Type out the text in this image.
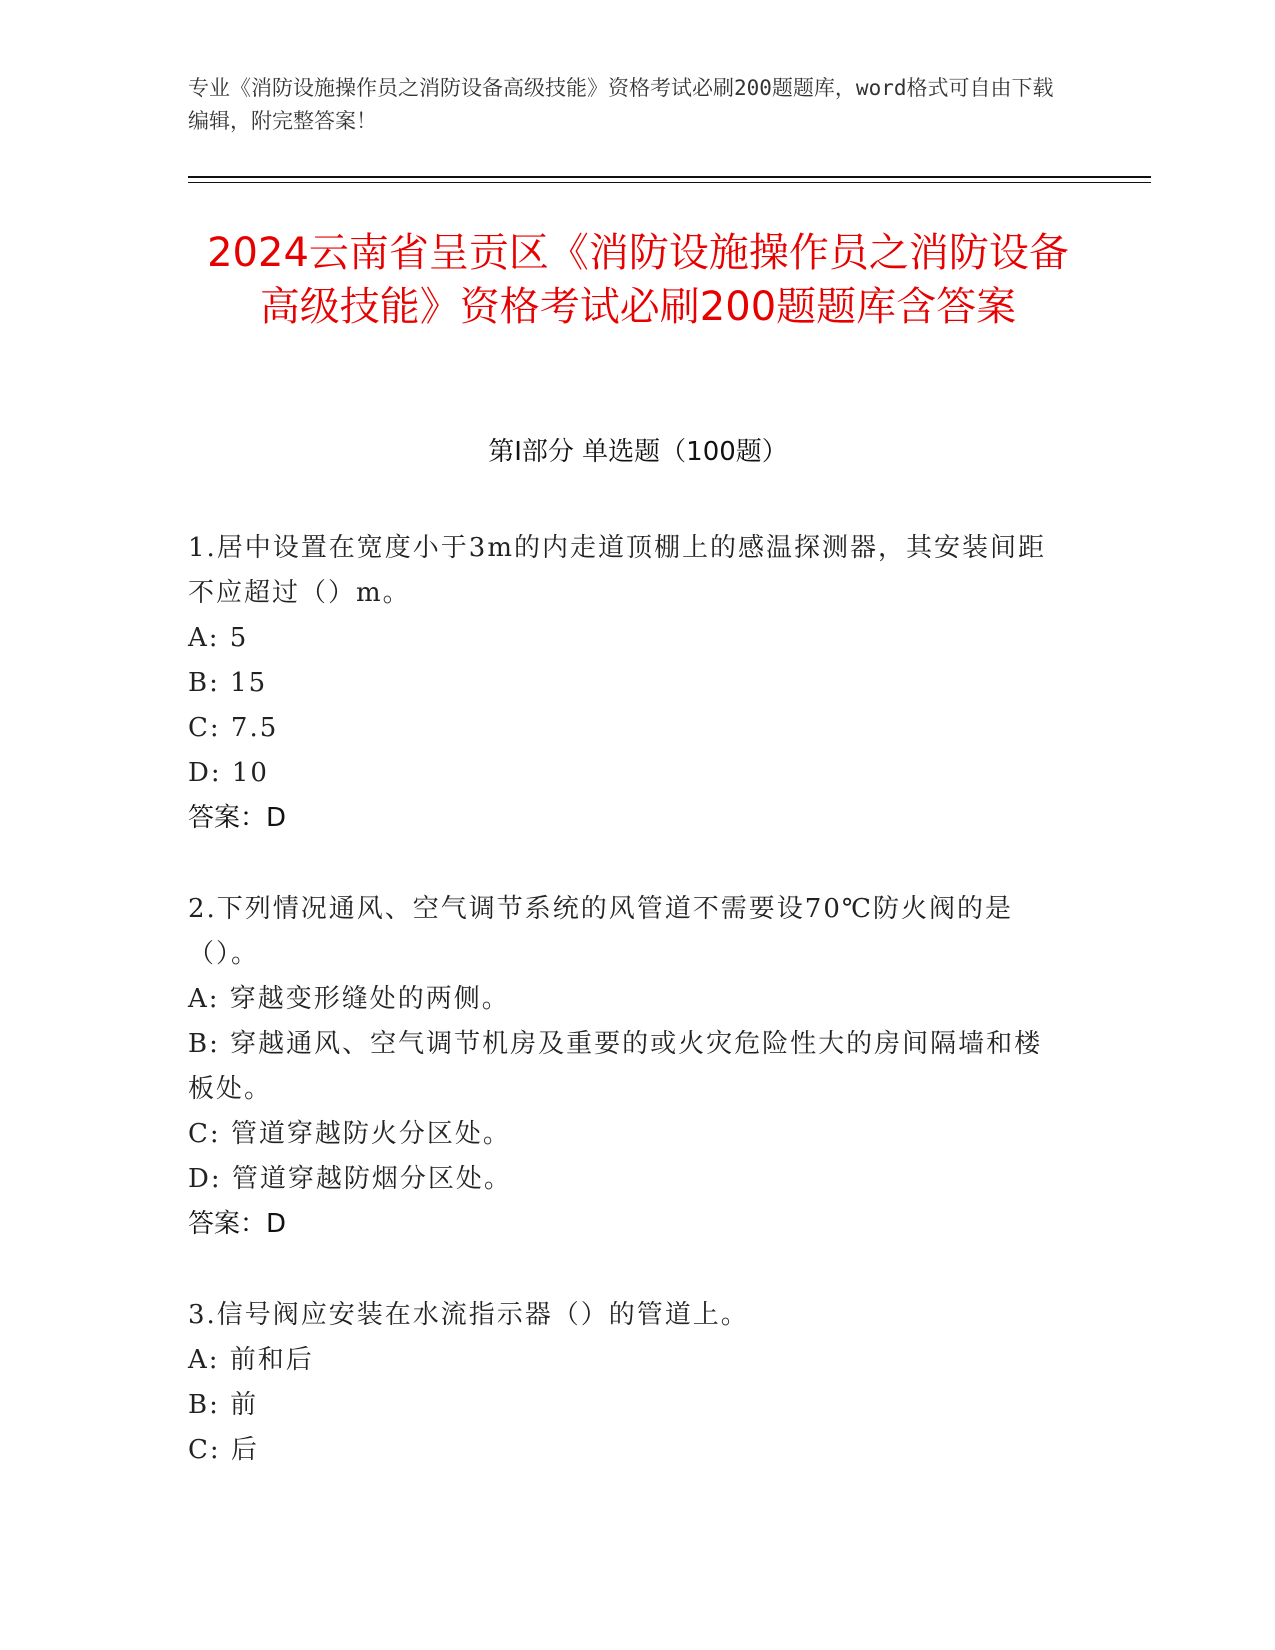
专业《消防设施操作员之消防设备高级技能》资格考试必刷200题题库，word格式可自由下载编辑，附完整答案！
2024云南省呈贡区《消防设施操作员之消防设备高级技能》资格考试必刷200题题库含答案
第I部分 单选题（100题）

1.居中设置在宽度小于3m的内走道顶棚上的感温探测器，其安装间距不应超过（）m。

A: 5

B: 15

C: 7.5

D: 10

答案：D

2.下列情况通风、空气调节系统的风管道不需要设70℃防火阀的是（）。

A: 穿越变形缝处的两侧。

B: 穿越通风、空气调节机房及重要的或火灾危险性大的房间隔墙和楼板处。

C: 管道穿越防火分区处。

D: 管道穿越防烟分区处。

答案：D

3.信号阀应安装在水流指示器（）的管道上。

A: 前和后

B: 前

C: 后
